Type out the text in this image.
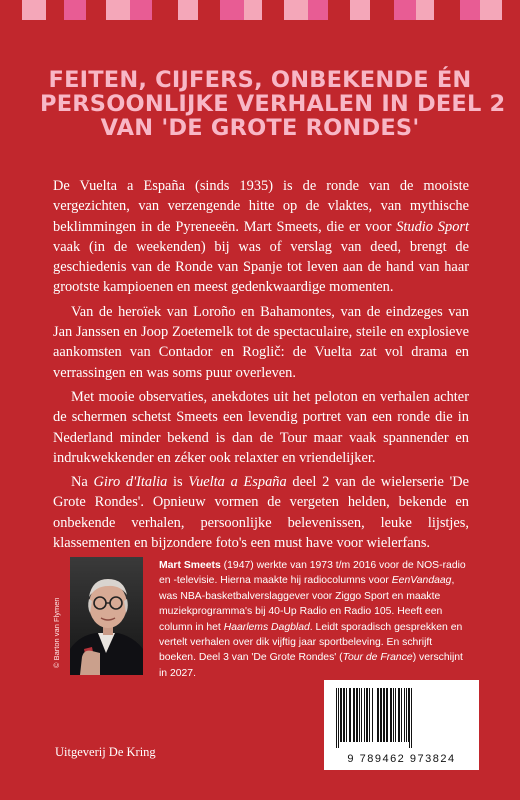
FEITEN, CIJFERS, ONBEKENDE ÉN
PERSOONLIJKE VERHALEN IN DEEL 2
VAN 'DE GROTE RONDES'

De Vuelta a España (sinds 1935) is de ronde van de mooiste vergezichten, van verzengende hitte op de vlaktes, van mythische beklimmingen in de Pyreneeën. Mart Smeets, die er voor Studio Sport vaak (in de weekenden) bij was of verslag van deed, brengt de geschiedenis van de Ronde van Spanje tot leven aan de hand van haar grootste kampioenen en meest gedenkwaardige momenten.

Van de heroïek van Loroño en Bahamontes, van de eindzeges van Jan Janssen en Joop Zoetemelk tot de spectaculaire, steile en explosieve aankomsten van Contador en Roglič: de Vuelta zat vol drama en verrassingen en was soms puur overleven.

Met mooie observaties, anekdotes uit het peloton en verhalen achter de schermen schetst Smeets een levendig portret van een ronde die in Nederland minder bekend is dan de Tour maar vaak spannender en indrukwekkender en zéker ook relaxter en vriendelijker.

Na Giro d'Italia is Vuelta a España deel 2 van de wielerserie 'De Grote Rondes'. Opnieuw vormen de vergeten helden, bekende en onbekende verhalen, persoonlijke belevenissen, leuke lijstjes, klassementen en bijzondere foto's een must have voor wielerfans.

© Barton van Flymen
Mart Smeets (1947) werkte van 1973 t/m 2016 voor de NOS-radio en -televisie. Hierna maakte hij radiocolumns voor EenVandaag, was NBA-basketbalverslaggever voor Ziggo Sport en maakte muziekprogramma's bij 40-Up Radio en Radio 105. Heeft een column in het Haarlems Dagblad. Leidt sporadisch gesprekken en vertelt verhalen over dik vijftig jaar sportbeleving. En schrijft boeken. Deel 3 van 'De Grote Rondes' (Tour de France) verschijnt in 2027.
Uitgeverij De Kring	9 789462 973824
